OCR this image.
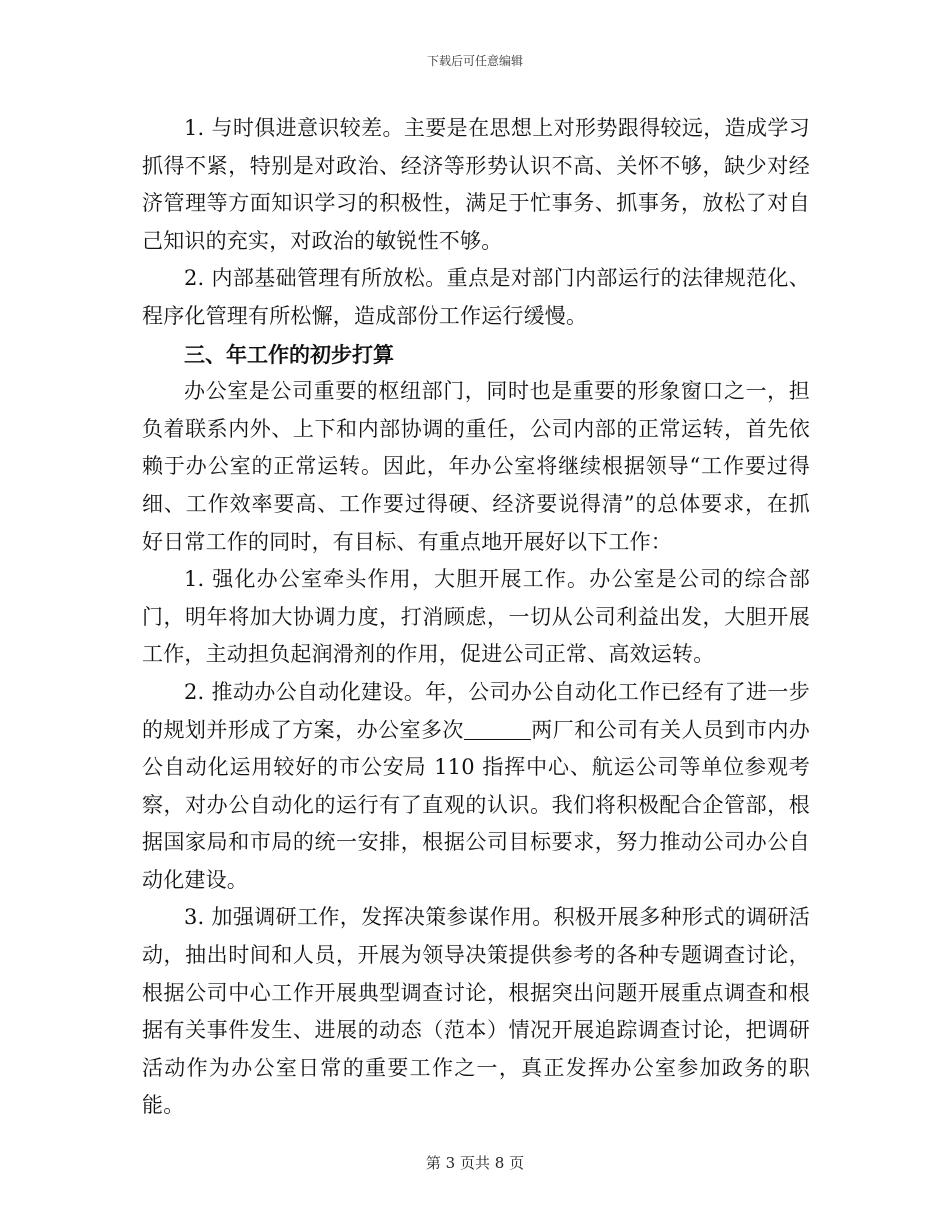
下载后可任意编辑

1. 与时俱进意识较差。主要是在思想上对形势跟得较远，造成学习抓得不紧，特别是对政治、经济等形势认识不高、关怀不够，缺少对经济管理等方面知识学习的积极性，满足于忙事务、抓事务，放松了对自己知识的充实，对政治的敏锐性不够。

2. 内部基础管理有所放松。重点是对部门内部运行的法律规范化、程序化管理有所松懈，造成部份工作运行缓慢。

三、年工作的初步打算

办公室是公司重要的枢纽部门，同时也是重要的形象窗口之一，担负着联系内外、上下和内部协调的重任，公司内部的正常运转，首先依赖于办公室的正常运转。因此，年办公室将继续根据领导“工作要过得细、工作效率要高、工作要过得硬、经济要说得清”的总体要求，在抓好日常工作的同时，有目标、有重点地开展好以下工作：

1. 强化办公室牵头作用，大胆开展工作。办公室是公司的综合部门，明年将加大协调力度，打消顾虑，一切从公司利益出发，大胆开展工作，主动担负起润滑剂的作用，促进公司正常、高效运转。

2. 推动办公自动化建设。年，公司办公自动化工作已经有了进一步的规划并形成了方案，办公室多次	两厂和公司有关人员到市内办公自动化运用较好的市公安局 110 指挥中心、航运公司等单位参观考察，对办公自动化的运行有了直观的认识。我们将积极配合企管部，根据国家局和市局的统一安排，根据公司目标要求，努力推动公司办公自动化建设。

3. 加强调研工作，发挥决策参谋作用。积极开展多种形式的调研活动，抽出时间和人员，开展为领导决策提供参考的各种专题调查讨论，根据公司中心工作开展典型调查讨论，根据突出问题开展重点调查和根据有关事件发生、进展的动态（范本）情况开展追踪调查讨论，把调研活动作为办公室日常的重要工作之一，真正发挥办公室参加政务的职能。

第 3 页共 8 页
